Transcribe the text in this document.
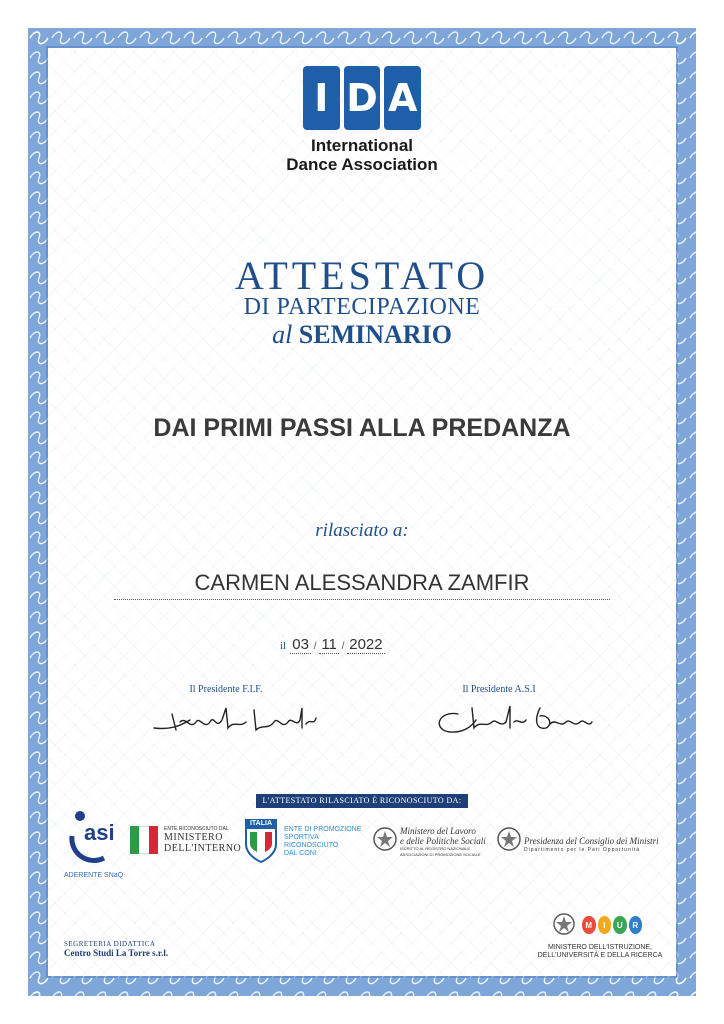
I D A
International
Dance Association
ATTESTATO
DI PARTECIPAZIONE
al SEMINARIO
DAI PRIMI PASSI ALLA PREDANZA
rilasciato a:
CARMEN ALESSANDRA ZAMFIR
il 03 / 11 / 2022
Il Presidente F.I.F.	Il Presidente A.S.I
L'ATTESTATO RILASCIATO È RICONOSCIUTO DA:
asi
ADERENTE SNaQ
ENTE RICONOSCIUTO DAL
MINISTERO
DELL'INTERNO
ITALIA
ENTE DI PROMOZIONE
SPORTIVA
RICONOSCIUTO
DAL CONI
Ministero del Lavoro
e delle Politiche Sociali
ISCRITTO AL REGISTRO NAZIONALE
ASSOCIAZIONI DI PROMOZIONE SOCIALE
Presidenza del Consiglio dei Ministri
Dipartimento per le Pari Opportunità
SEGRETERIA DIDATTICA
Centro Studi La Torre s.r.l.
M	I	U	R
MINISTERO DELL'ISTRUZIONE,
DELL'UNIVERSITÀ E DELLA RICERCA
